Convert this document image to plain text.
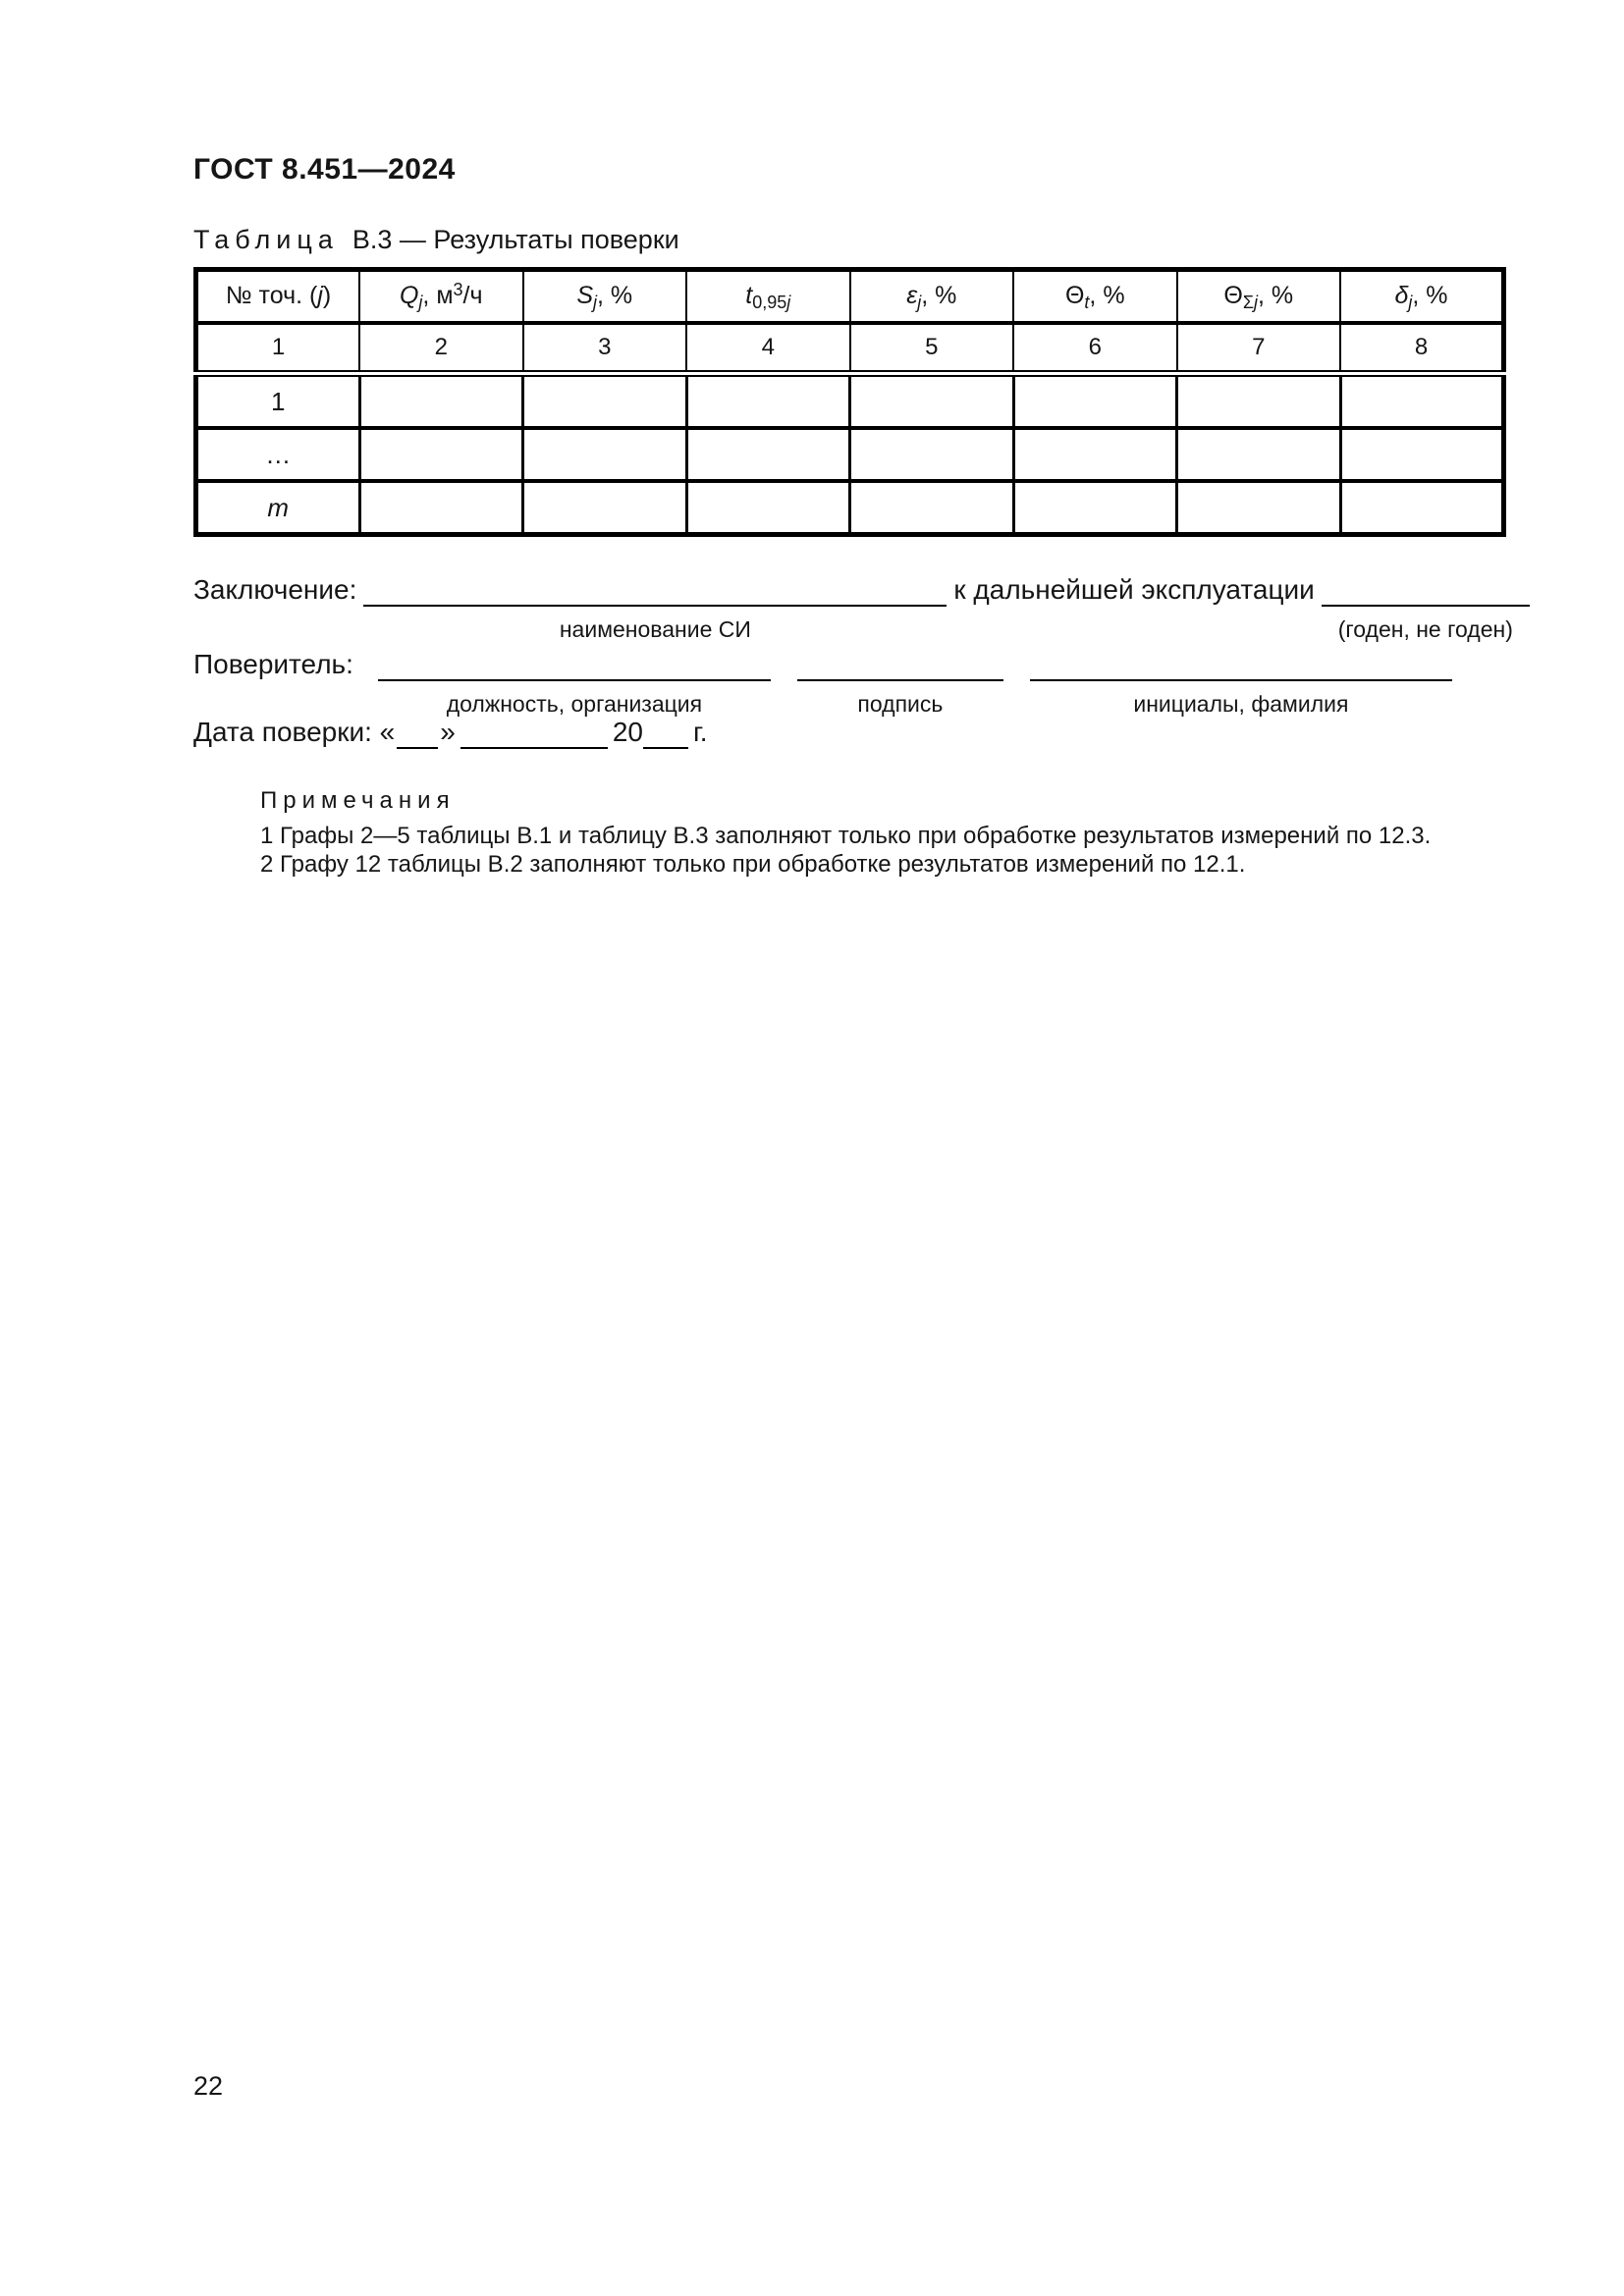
ГОСТ 8.451—2024
Таблица В.3 — Результаты поверки
№ точ. (j)	$Q_j$, $м^3/ч$	$S_j$, %	$t_{0,95j}$	$\varepsilon_j$, %	$\Theta_t$, %	$\Theta_{\Sigma j}$, %	$\delta_j$, %
1	2	3	4	5	6	7	8
1							
…							
m							
Заключение:
наименование СИ
к дальнейшей эксплуатации
(годен, не годен)
Поверитель:
должность, организация	подпись	инициалы, фамилия
Дата поверки: « »	20 г.
Примечания
1 Графы 2—5 таблицы В.1 и таблицу В.3 заполняют только при обработке результатов измерений по 12.3.
2 Графу 12 таблицы В.2 заполняют только при обработке результатов измерений по 12.1.
22
